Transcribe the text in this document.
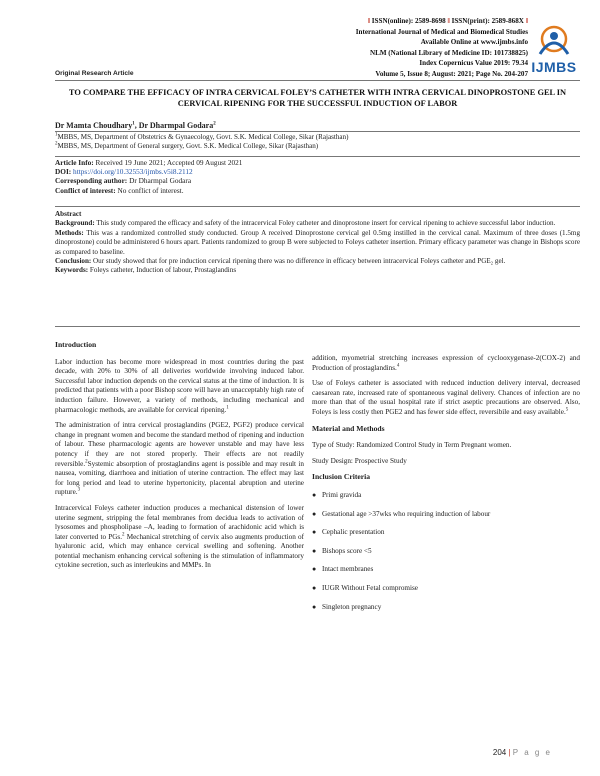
‖ ISSN(online): 2589-8698 ‖ ISSN(print): 2589-868X ‖
International Journal of Medical and Biomedical Studies
Available Online at www.ijmbs.info
NLM (National Library of Medicine ID: 101738825)
Index Copernicus Value 2019: 79.34
Volume 5, Issue 8; August: 2021; Page No. 204-207 IJMBS
Original Research Article
TO COMPARE THE EFFICACY OF INTRA CERVICAL FOLEY’S CATHETER WITH INTRA CERVICAL DINOPROSTONE GEL IN CERVICAL RIPENING FOR THE SUCCESSFUL INDUCTION OF LABOR
Dr Mamta Choudhary$^1$, Dr Dharmpal Godara$^2$
$^1$MBBS, MS, Department of Obstetrics & Gynaecology, Govt. S.K. Medical College, Sikar (Rajasthan)
$^2$MBBS, MS, Department of General surgery, Govt. S.K. Medical College, Sikar (Rajasthan)
Article Info: Received 19 June 2021; Accepted 09 August 2021
DOI: https://doi.org/10.32553/ijmbs.v5i8.2112
Corresponding author: Dr Dharmpal Godara
Conflict of interest: No conflict of interest.

Abstract

Background: This study compared the efficacy and safety of the intracervical Foley catheter and dinoprostone insert for cervical ripening to achieve successful labor induction.

Methods: This was a randomized controlled study conducted. Group A received Dinoprostone cervical gel 0.5mg instilled in the cervical canal. Maximum of three doses (1.5mg dinoprostone) could be administered 6 hours apart. Patients randomized to group B were subjected to Foleys catheter insertion. Primary efficacy parameter was change in Bishops score as compared to baseline.

Conclusion: Our study showed that for pre induction cervical ripening there was no difference in efficacy between intracervical Foleys catheter and PGE₂ gel.

Keywords: Foleys catheter, Induction of labour, Prostaglandins

Introduction

Labor induction has become more widespread in most countries during the past decade, with 20% to 30% of all deliveries worldwide involving induced labor. Successful labor induction depends on the cervical status at the time of induction. It is predicted that patients with a poor Bishop score will have an unacceptably high rate of induction failure. However, a variety of methods, including mechanical and pharmacologic methods, are available for cervical ripening.$^1$

The administration of intra cervical prostaglandins (PGE2, PGF2) produce cervical change in pregnant women and become the standard method of ripening and induction of labour. These pharmacologic agents are however unstable and may have less potency if they are not stored properly. Their effects are not readily reversible.$^2$Systemic absorption of prostaglandins agent is possible and may result in nausea, vomiting, diarrhoea and initiation of uterine contraction. The effect may last for long period and lead to uterine hypertonicity, placental abruption and uterine rupture.$^3$

Intracervical Foleys catheter induction produces a mechanical distension of lower uterine segment, stripping the fetal membranes from decidua leads to activation of lysosomes and phospholipase –A, leading to formation of arachidonic acid which is later converted to PGs.$^2$ Mechanical stretching of cervix also augments production of hyaluronic acid, which may enhance cervical swelling and softening. Another potential mechanism enhancing cervical softening is the stimulation of inflammatory cytokine secretion, such as interleukins and MMPs. In

addition, myometrial stretching increases expression of cyclooxygenase-2(COX-2) and Production of prostaglandins.$^4$

Use of Foleys catheter is associated with reduced induction delivery interval, decreased caesarean rate, increased rate of spontaneous vaginal delivery. Chances of infection are no more than that of the usual hospital rate if strict aseptic precautions are observed. Also, Foleys is less costly then PGE2 and has fewer side effect, reversibile and easy available.$^5$

Material and Methods

Type of Study: Randomized Control Study in Term Pregnant women.

Study Design: Prospective Study

Inclusion Criteria
● Primi gravida
● Gestational age >37wks who requiring induction of labour
● Cephalic presentation
● Bishops score <5
● Intact membranes
● IUGR Without Fetal compromise
● Singleton pregnancy
204 | P a g e
